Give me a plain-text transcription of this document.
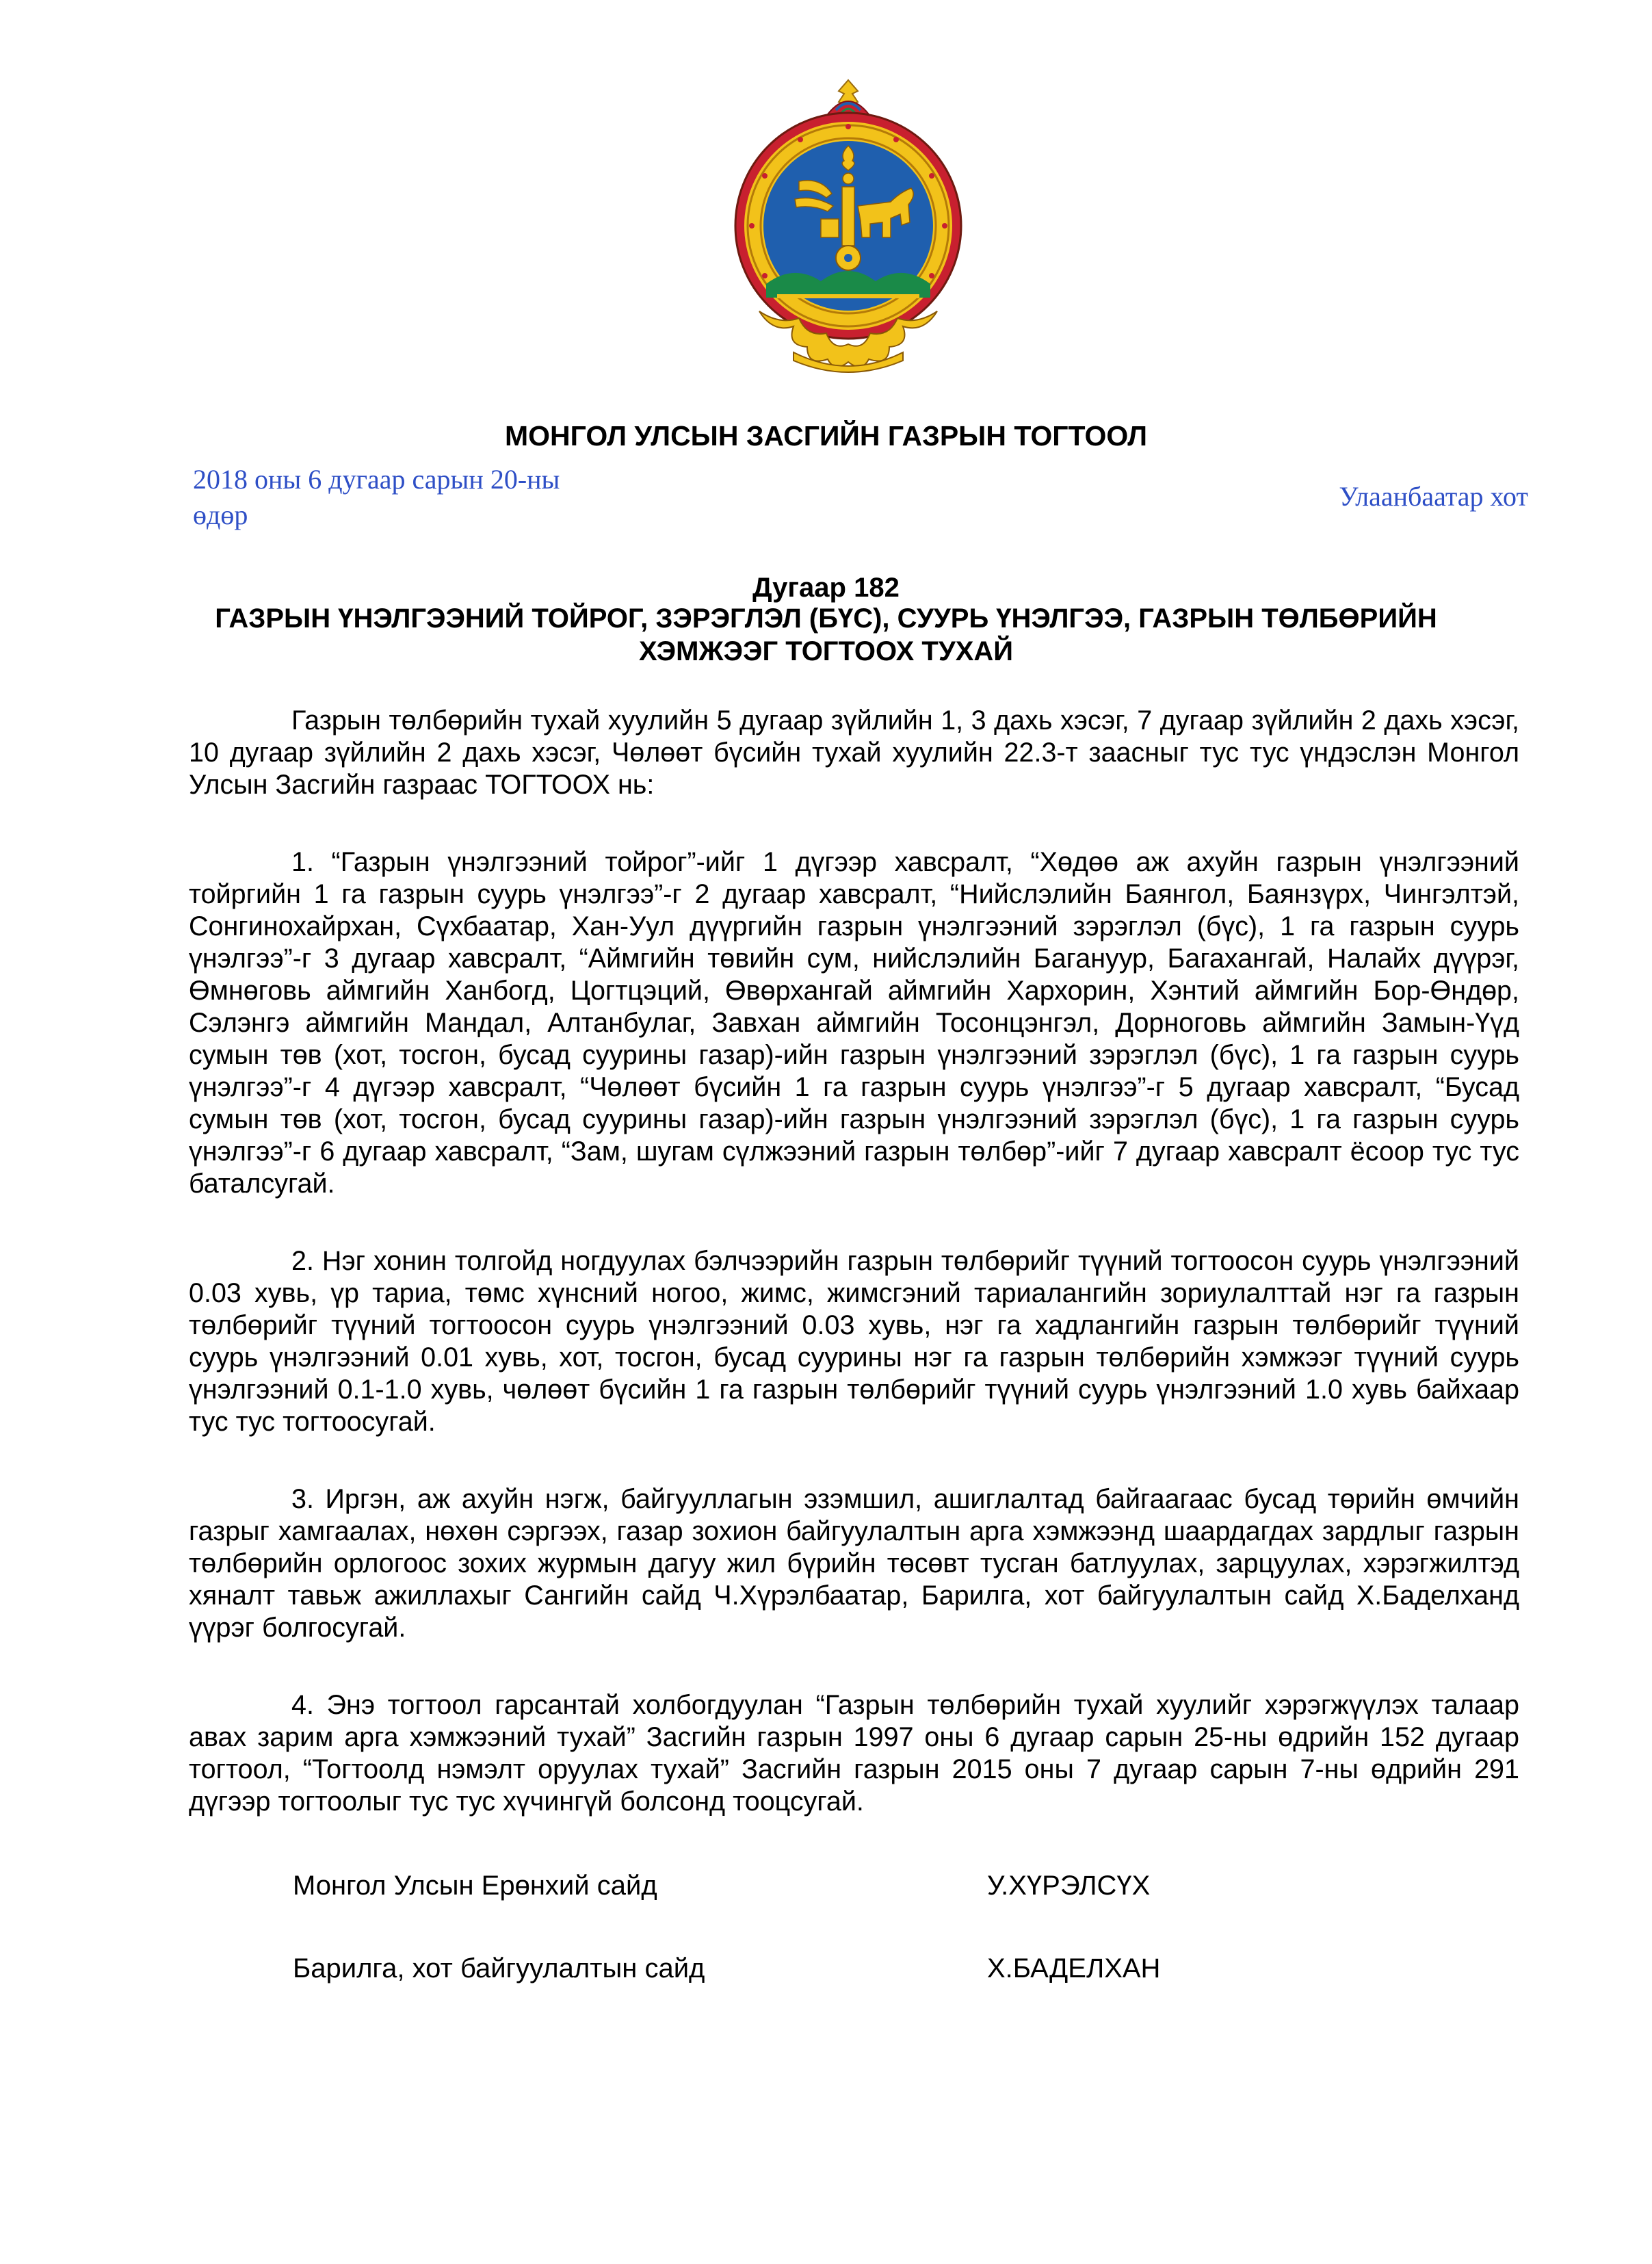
МОНГОЛ УЛСЫН ЗАСГИЙН ГАЗРЫН ТОГТООЛ
2018 оны 6 дугаар сарын 20-ны өдөр
Улаанбаатар хот
Дугаар 182
ГАЗРЫН ҮНЭЛГЭЭНИЙ ТОЙРОГ, ЗЭРЭГЛЭЛ (БҮС), СУУРЬ ҮНЭЛГЭЭ, ГАЗРЫН ТӨЛБӨРИЙН ХЭМЖЭЭГ ТОГТООХ ТУХАЙ

Газрын төлбөрийн тухай хуулийн 5 дугаар зүйлийн 1, 3 дахь хэсэг, 7 дугаар зүйлийн 2 дахь хэсэг, 10 дугаар зүйлийн 2 дахь хэсэг, Чөлөөт бүсийн тухай хуулийн 22.3-т заасныг тус тус үндэслэн Монгол Улсын Засгийн газраас ТОГТООХ нь:

1. “Газрын үнэлгээний тойрог”-ийг 1 дүгээр хавсралт, “Хөдөө аж ахуйн газрын үнэлгээний тойргийн 1 га газрын суурь үнэлгээ”-г 2 дугаар хавсралт, “Нийслэлийн Баянгол, Баянзүрх, Чингэлтэй, Сонгинохайрхан, Сүхбаатар, Хан-Уул дүүргийн газрын үнэлгээний зэрэглэл (бүс), 1 га газрын суурь үнэлгээ”-г 3 дугаар хавсралт, “Аймгийн төвийн сум, нийслэлийн Багануур, Багахангай, Налайх дүүрэг, Өмнөговь аймгийн Ханбогд, Цогтцэций, Өвөрхангай аймгийн Хархорин, Хэнтий аймгийн Бор-Өндөр, Сэлэнгэ аймгийн Мандал, Алтанбулаг, Завхан аймгийн Тосонцэнгэл, Дорноговь аймгийн Замын-Үүд сумын төв (хот, тосгон, бусад суурины газар)-ийн газрын үнэлгээний зэрэглэл (бүс), 1 га газрын суурь үнэлгээ”-г 4 дүгээр хавсралт, “Чөлөөт бүсийн 1 га газрын суурь үнэлгээ”-г 5 дугаар хавсралт, “Бусад сумын төв (хот, тосгон, бусад суурины газар)-ийн газрын үнэлгээний зэрэглэл (бүс), 1 га газрын суурь үнэлгээ”-г 6 дугаар хавсралт, “Зам, шугам сүлжээний газрын төлбөр”-ийг 7 дугаар хавсралт ёсоор тус тус баталсугай.

2. Нэг хонин толгойд ногдуулах бэлчээрийн газрын төлбөрийг түүний тогтоосон суурь үнэлгээний 0.03 хувь, үр тариа, төмс хүнсний ногоо, жимс, жимсгэний тариалангийн зориулалттай нэг га газрын төлбөрийг түүний тогтоосон суурь үнэлгээний 0.03 хувь, нэг га хадлангийн газрын төлбөрийг түүний суурь үнэлгээний 0.01 хувь, хот, тосгон, бусад суурины нэг га газрын төлбөрийн хэмжээг түүний суурь үнэлгээний 0.1-1.0 хувь, чөлөөт бүсийн 1 га газрын төлбөрийг түүний суурь үнэлгээний 1.0 хувь байхаар тус тус тогтоосугай.

3. Иргэн, аж ахуйн нэгж, байгууллагын эзэмшил, ашиглалтад байгаагаас бусад төрийн өмчийн газрыг хамгаалах, нөхөн сэргээх, газар зохион байгуулалтын арга хэмжээнд шаардагдах зардлыг газрын төлбөрийн орлогоос зохих журмын дагуу жил бүрийн төсөвт тусган батлуулах, зарцуулах, хэрэгжилтэд хяналт тавьж ажиллахыг Сангийн сайд Ч.Хүрэлбаатар, Барилга, хот байгуулалтын сайд Х.Баделханд үүрэг болгосугай.

4. Энэ тогтоол гарсантай холбогдуулан “Газрын төлбөрийн тухай хуулийг хэрэгжүүлэх талаар авах зарим арга хэмжээний тухай” Засгийн газрын 1997 оны 6 дугаар сарын 25-ны өдрийн 152 дугаар тогтоол, “Тогтоолд нэмэлт оруулах тухай” Засгийн газрын 2015 оны 7 дугаар сарын 7-ны өдрийн 291 дүгээр тогтоолыг тус тус хүчингүй болсонд тооцсугай.

Монгол Улсын Ерөнхий сайд	У.ХҮРЭЛСҮХ
Барилга, хот байгуулалтын сайд	Х.БАДЕЛХАН
